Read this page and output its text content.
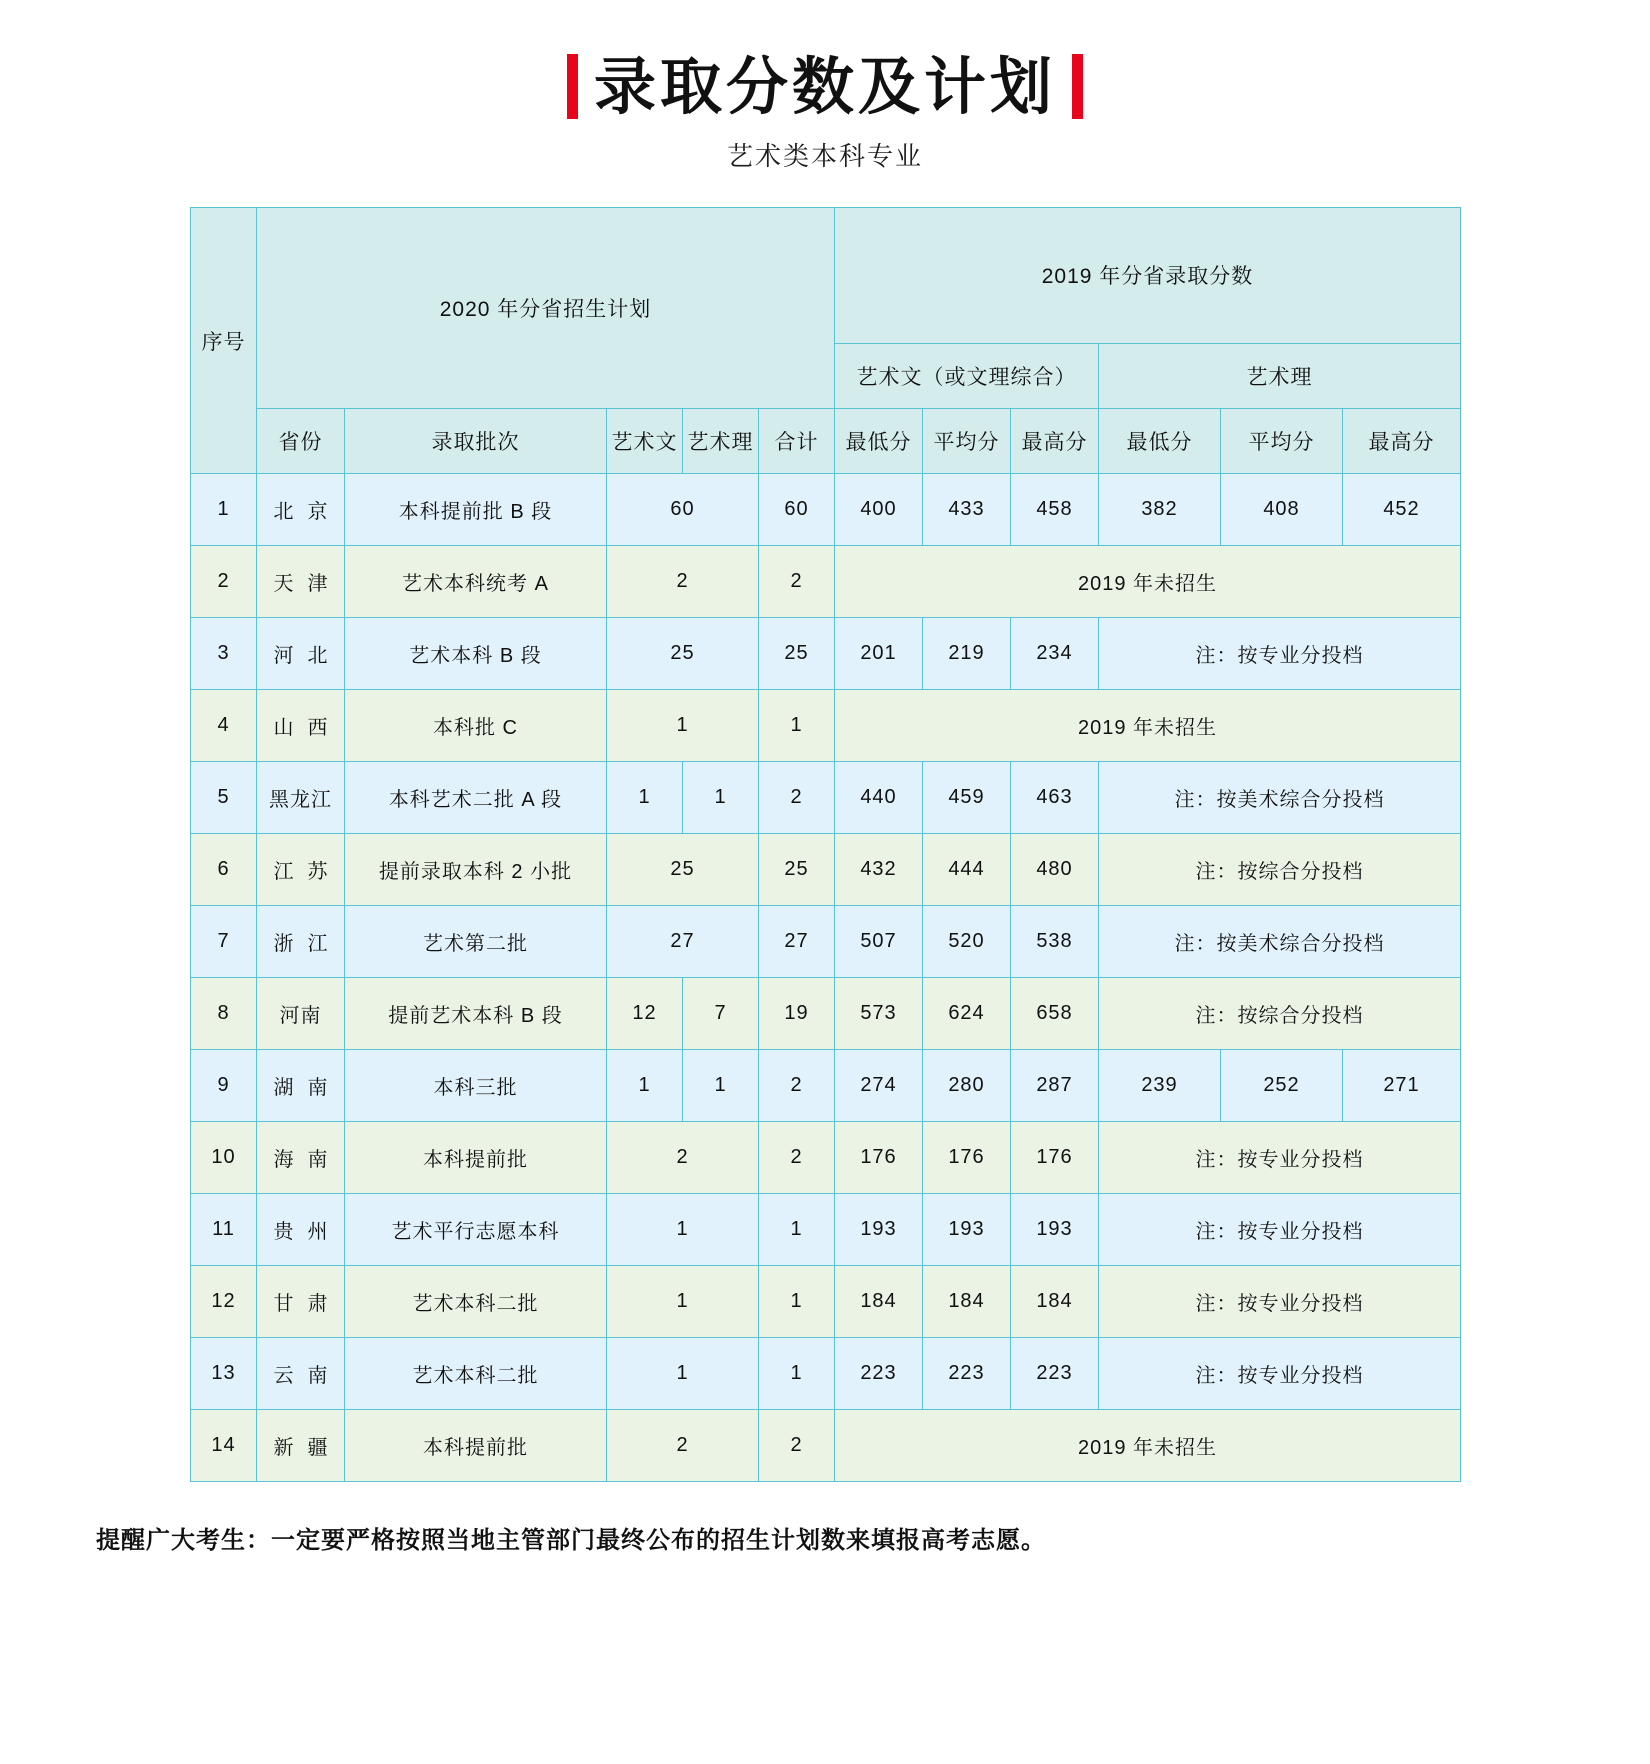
录取分数及计划
艺术类本科专业
序号	2020 年分省招生计划					2019 年分省录取分数					
						艺术文（或文理综合）			艺术理		
	省份	录取批次	艺术文	艺术理	合计	最低分	平均分	最高分	最低分	平均分	最高分
1	北京	本科提前批 B 段	60		60	400	433	458	382	408	452
2	天津	艺术本科统考 A	2		2	2019 年未招生					
3	河北	艺术本科 B 段	25		25	201	219	234	注：按专业分投档		
4	山西	本科批 C	1		1	2019 年未招生					
5	黑龙江	本科艺术二批 A 段	1	1	2	440	459	463	注：按美术综合分投档		
6	江苏	提前录取本科 2 小批	25		25	432	444	480	注：按综合分投档		
7	浙江	艺术第二批	27		27	507	520	538	注：按美术综合分投档		
8	河南	提前艺术本科 B 段	12	7	19	573	624	658	注：按综合分投档		
9	湖南	本科三批	1	1	2	274	280	287	239	252	271
10	海南	本科提前批	2		2	176	176	176	注：按专业分投档		
11	贵州	艺术平行志愿本科	1		1	193	193	193	注：按专业分投档		
12	甘肃	艺术本科二批	1		1	184	184	184	注：按专业分投档		
13	云南	艺术本科二批	1		1	223	223	223	注：按专业分投档		
14	新疆	本科提前批	2		2	2019 年未招生					
提醒广大考生：一定要严格按照当地主管部门最终公布的招生计划数来填报高考志愿。
